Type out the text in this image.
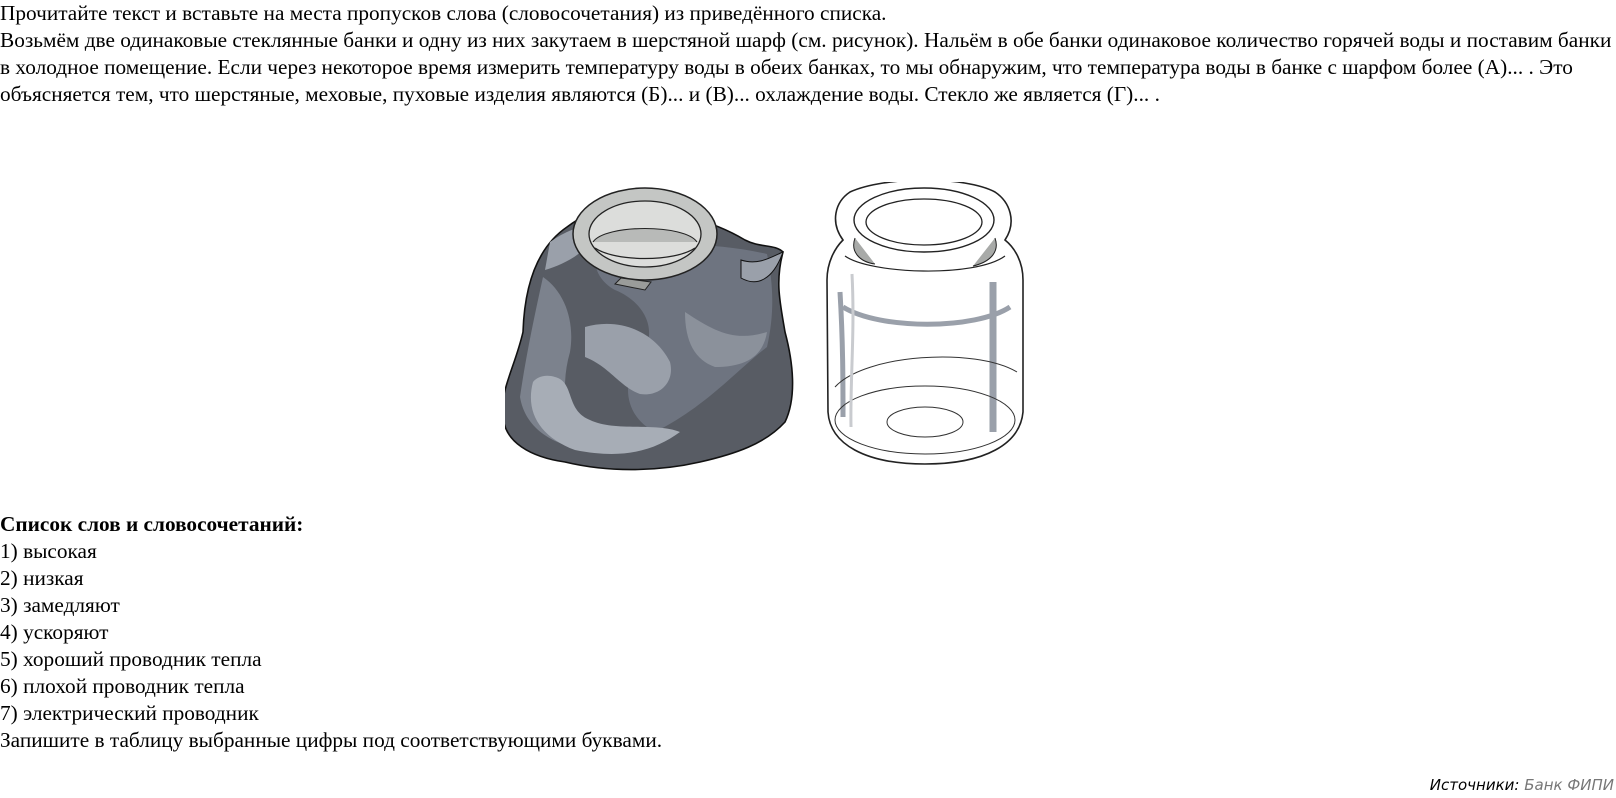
Прочитайте текст и вставьте на места пропусков слова (словосочетания) из приведённого списка.

Возьмём две одинаковые стеклянные банки и одну из них закутаем в шерстяной шарф (см. рисунок). Нальём в обе банки одинаковое количество горячей воды и поставим банки в холодное помещение. Если через некоторое время измерить температуру воды в обеих банках, то мы обнаружим, что температура воды в банке с шарфом более (А)... . Это объясняется тем, что шерстяные, меховые, пуховые изделия являются (Б)... и (В)... охлаждение воды. Стекло же является (Г)... .

Список слов и словосочетаний:
1) высокая
2) низкая
3) замедляют
4) ускоряют
5) хороший проводник тепла
6) плохой проводник тепла
7) электрический проводник
Запишите в таблицу выбранные цифры под соответствующими буквами.
Источники: Банк ФИПИ
